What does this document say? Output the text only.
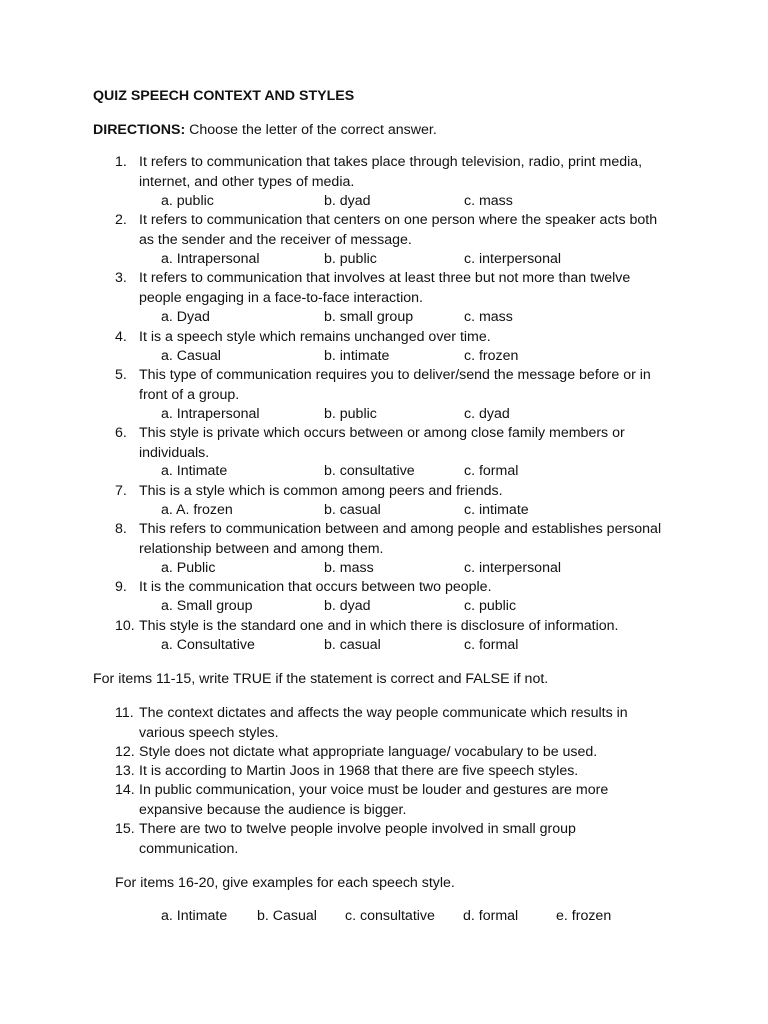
QUIZ SPEECH CONTEXT AND STYLES
DIRECTIONS: Choose the letter of the correct answer.
1. It refers to communication that takes place through television, radio, print media, internet, and other types of media.
a. public	b. dyad	c. mass
2. It refers to communication that centers on one person where the speaker acts both as the sender and the receiver of message.
a. Intrapersonal	b. public	c. interpersonal
3. It refers to communication that involves at least three but not more than twelve people engaging in a face-to-face interaction.
a. Dyad	b. small group	c. mass
4. It is a speech style which remains unchanged over time.
a. Casual	b. intimate	c. frozen
5. This type of communication requires you to deliver/send the message before or in front of a group.
a. Intrapersonal	b. public	c. dyad
6. This style is private which occurs between or among close family members or individuals.
a. Intimate	b. consultative	c. formal
7. This is a style which is common among peers and friends.
a. A. frozen	b. casual	c. intimate
8. This refers to communication between and among people and establishes personal relationship between and among them.
a. Public	b. mass	c. interpersonal
9. It is the communication that occurs between two people.
a. Small group	b. dyad	c. public
10. This style is the standard one and in which there is disclosure of information.
a. Consultative	b. casual	c. formal
For items 11-15, write TRUE if the statement is correct and FALSE if not.
11. The context dictates and affects the way people communicate which results in various speech styles.
12. Style does not dictate what appropriate language/ vocabulary to be used.
13. It is according to Martin Joos in 1968 that there are five speech styles.
14. In public communication, your voice must be louder and gestures are more expansive because the audience is bigger.
15. There are two to twelve people involve people involved in small group communication.
For items 16-20, give examples for each speech style.
a. Intimate b. Casual c. consultative d. formal	e. frozen
